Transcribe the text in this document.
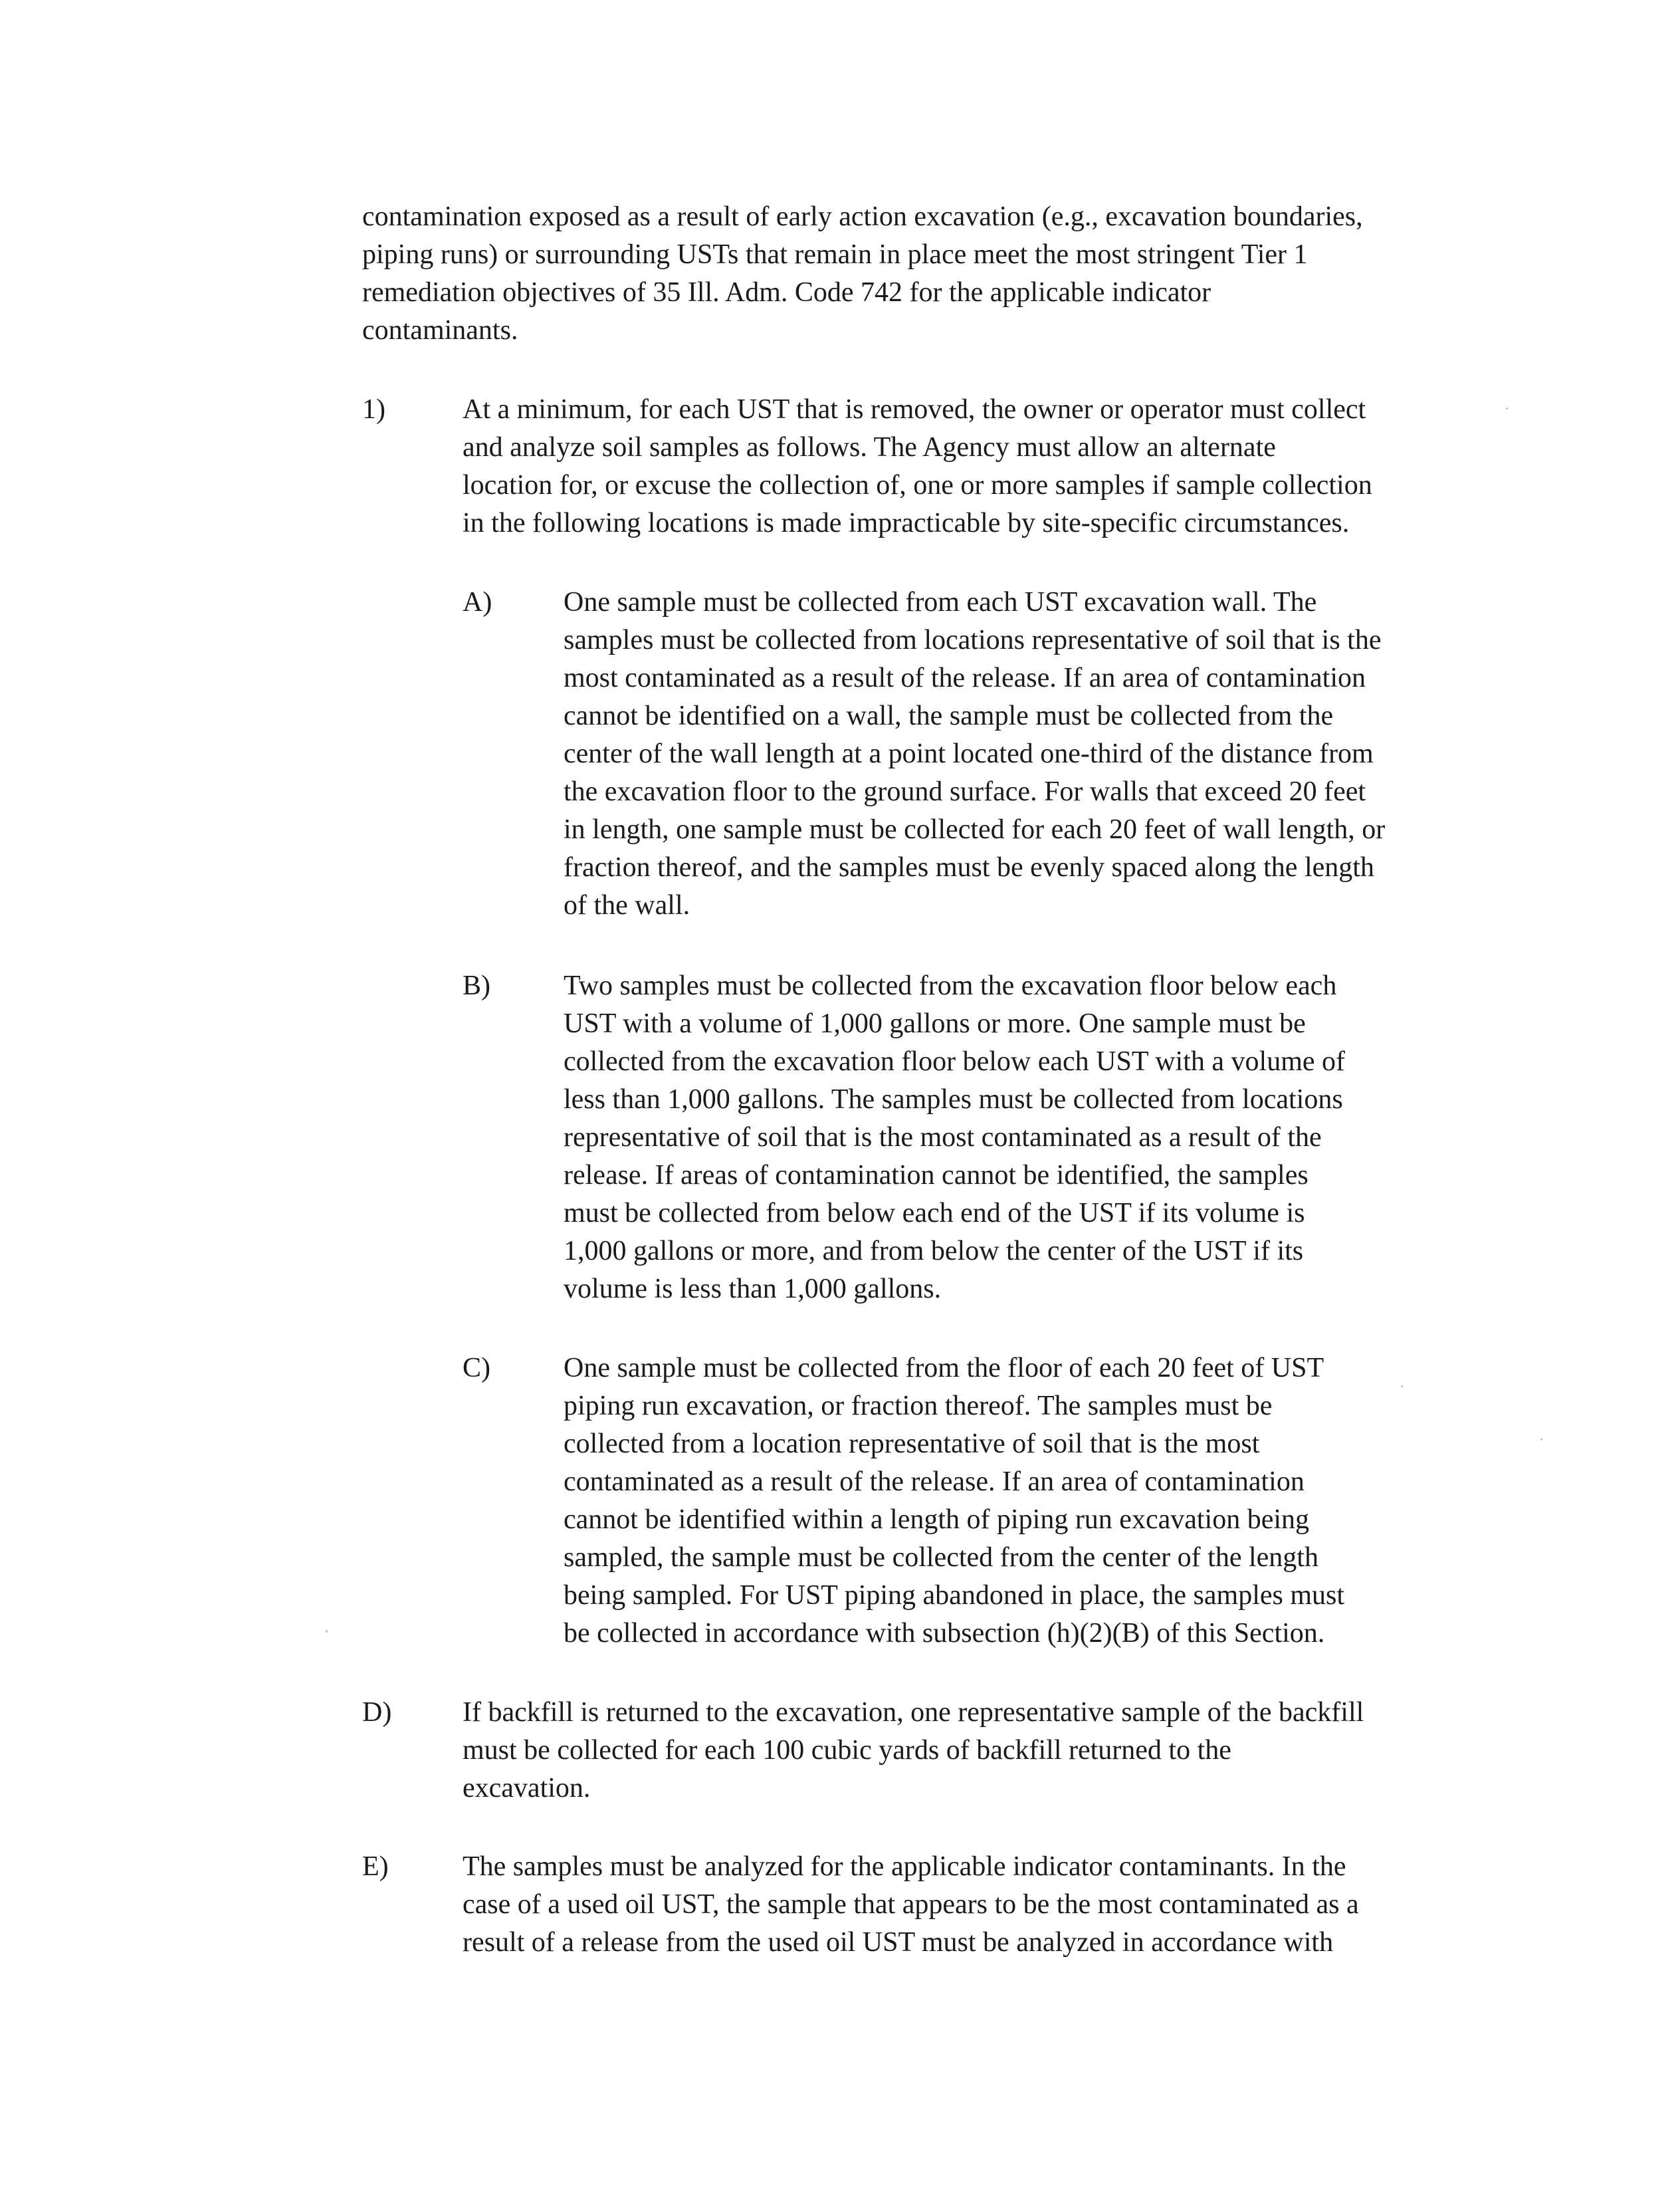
contamination exposed as a result of early action excavation (e.g., excavation boundaries,
piping runs) or surrounding USTs that remain in place meet the most stringent Tier 1
remediation objectives of 35 Ill. Adm. Code 742 for the applicable indicator
contaminants.

1)	At a minimum, for each UST that is removed, the owner or operator must collect
and analyze soil samples as follows. The Agency must allow an alternate
location for, or excuse the collection of, one or more samples if sample collection
in the following locations is made impracticable by site-specific circumstances.

A)	One sample must be collected from each UST excavation wall. The
samples must be collected from locations representative of soil that is the
most contaminated as a result of the release. If an area of contamination
cannot be identified on a wall, the sample must be collected from the
center of the wall length at a point located one-third of the distance from
the excavation floor to the ground surface. For walls that exceed 20 feet
in length, one sample must be collected for each 20 feet of wall length, or
fraction thereof, and the samples must be evenly spaced along the length
of the wall.

B)	Two samples must be collected from the excavation floor below each
UST with a volume of 1,000 gallons or more. One sample must be
collected from the excavation floor below each UST with a volume of
less than 1,000 gallons. The samples must be collected from locations
representative of soil that is the most contaminated as a result of the
release. If areas of contamination cannot be identified, the samples
must be collected from below each end of the UST if its volume is
1,000 gallons or more, and from below the center of the UST if its
volume is less than 1,000 gallons.

C)	One sample must be collected from the floor of each 20 feet of UST
piping run excavation, or fraction thereof. The samples must be
collected from a location representative of soil that is the most
contaminated as a result of the release. If an area of contamination
cannot be identified within a length of piping run excavation being
sampled, the sample must be collected from the center of the length
being sampled. For UST piping abandoned in place, the samples must
be collected in accordance with subsection (h)(2)(B) of this Section.

D)	If backfill is returned to the excavation, one representative sample of the backfill
must be collected for each 100 cubic yards of backfill returned to the
excavation.

E)	The samples must be analyzed for the applicable indicator contaminants. In the
case of a used oil UST, the sample that appears to be the most contaminated as a
result of a release from the used oil UST must be analyzed in accordance with
